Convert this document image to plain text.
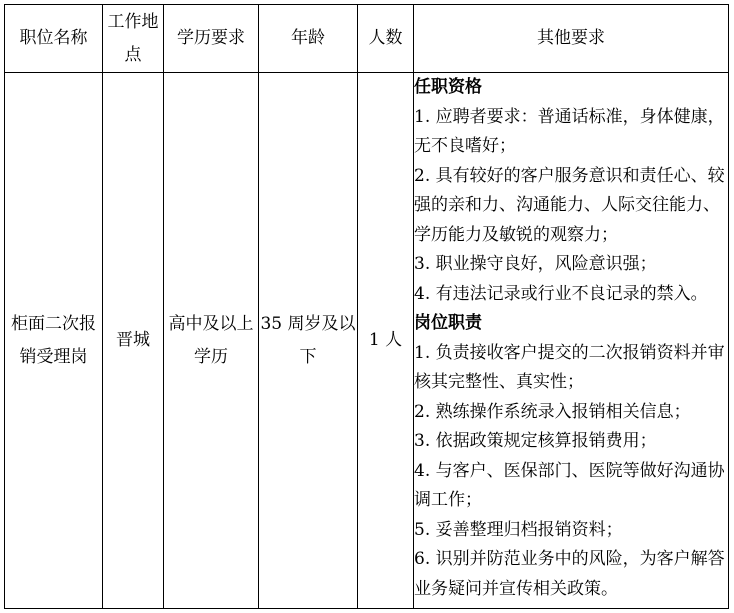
职位名称	工作地点	学历要求	年龄	人数	其他要求
柜面二次报销受理岗	晋城	高中及以上学历	35 周岁及以下	1 人	
任职资格
1. 应聘者要求：普通话标准，身体健康，无不良嗜好；
2. 具有较好的客户服务意识和责任心、较强的亲和力、沟通能力、人际交往能力、学历能力及敏锐的观察力；
3. 职业操守良好，风险意识强；
4. 有违法记录或行业不良记录的禁入。
岗位职责
1. 负责接收客户提交的二次报销资料并审核其完整性、真实性；
2. 熟练操作系统录入报销相关信息；
3. 依据政策规定核算报销费用；
4. 与客户、医保部门、医院等做好沟通协调工作；
5. 妥善整理归档报销资料；
6. 识别并防范业务中的风险，为客户解答业务疑问并宣传相关政策。
